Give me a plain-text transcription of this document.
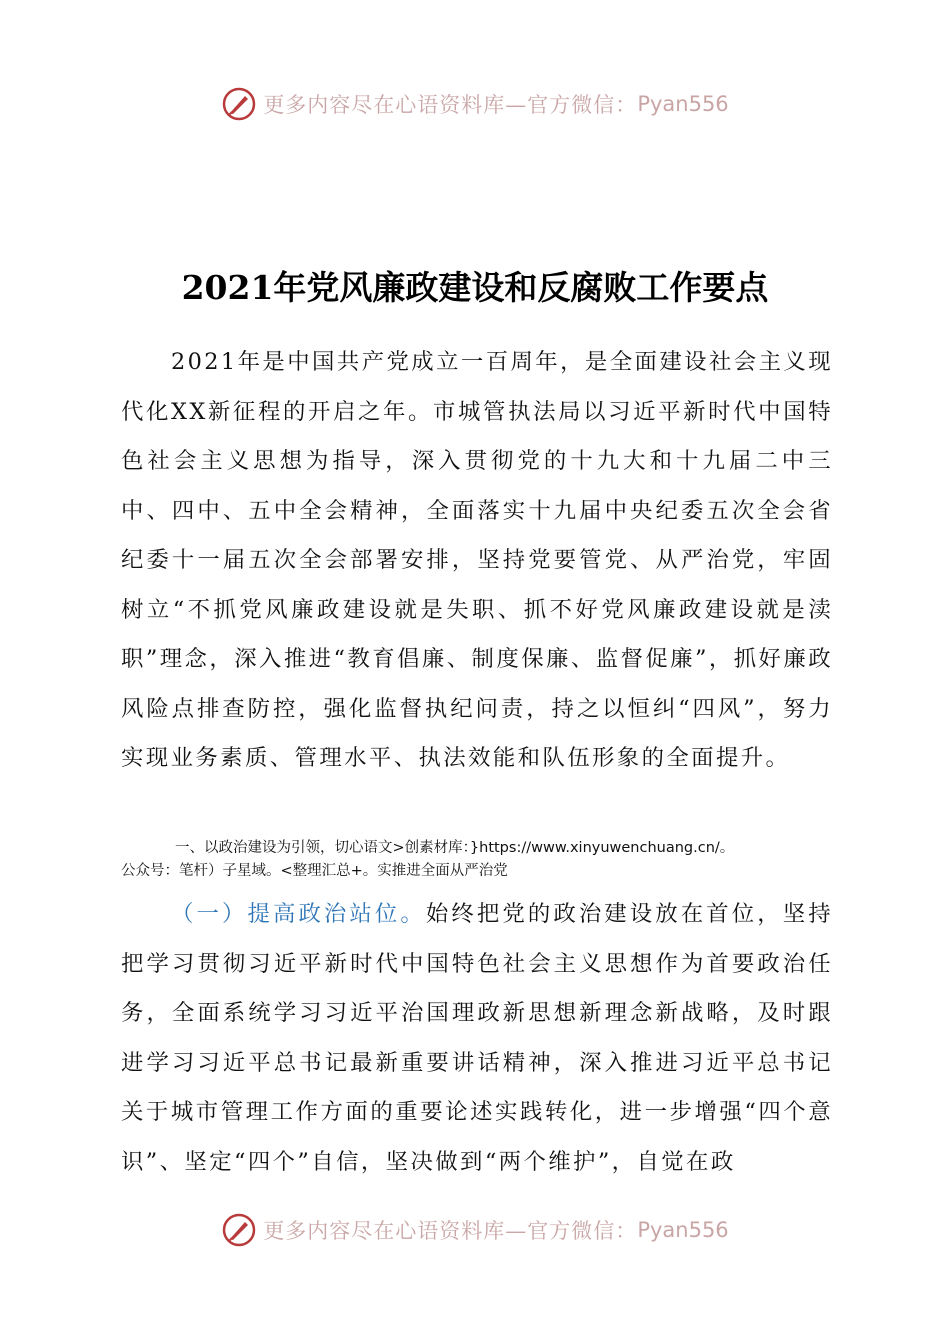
更多内容尽在心语资料库—官方微信： Pyan556
2021年党风廉政建设和反腐败工作要点

2021年是中国共产党成立一百周年，是全面建设社会主义现代化XX新征程的开启之年。市城管执法局以习近平新时代中国特色社会主义思想为指导，深入贯彻党的十九大和十九届二中三中、四中、五中全会精神，全面落实十九届中央纪委五次全会省纪委十一届五次全会部署安排，坚持党要管党、从严治党，牢固树立“不抓党风廉政建设就是失职、抓不好党风廉政建设就是渎职”理念，深入推进“教育倡廉、制度保廉、监督促廉”，抓好廉政风险点排查防控，强化监督执纪问责，持之以恒纠“四风”，努力实现业务素质、管理水平、执法效能和队伍形象的全面提升。

一、以政治建设为引领，切心语文>创素材库：}https://www.xinyuwenchuang.cn/。

公众号：笔杆）子星域。<整理汇总+。实推进全面从严治党

（一）提高政治站位。始终把党的政治建设放在首位，坚持把学习贯彻习近平新时代中国特色社会主义思想作为首要政治任务，全面系统学习习近平治国理政新思想新理念新战略，及时跟进学习习近平总书记最新重要讲话精神，深入推进习近平总书记关于城市管理工作方面的重要论述实践转化，进一步增强“四个意识”、坚定“四个”自信，坚决做到“两个维护”，自觉在政

更多内容尽在心语资料库—官方微信： Pyan556
